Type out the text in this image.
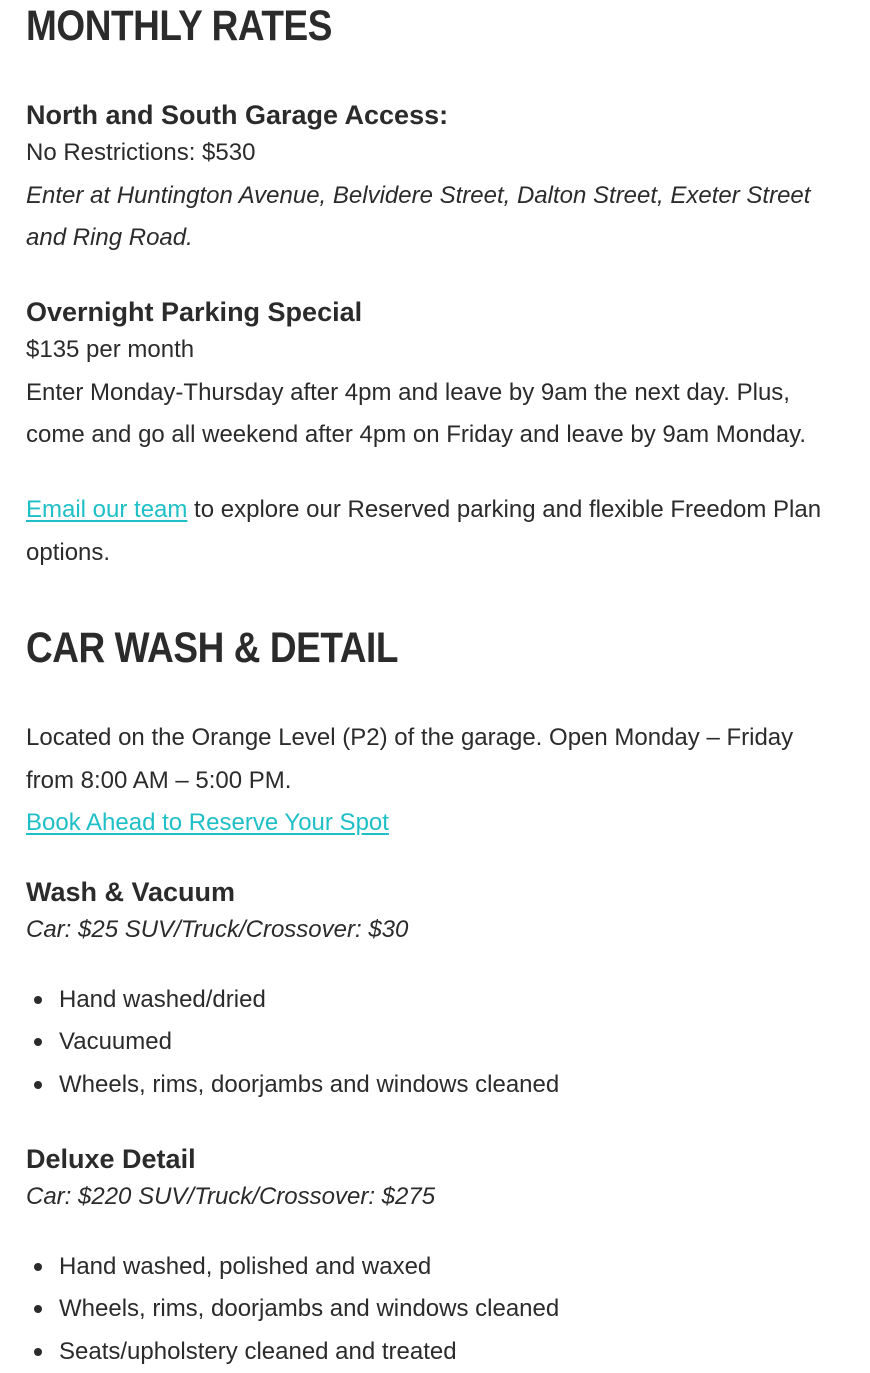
MONTHLY RATES
North and South Garage Access:

No Restrictions: $530

Enter at Huntington Avenue, Belvidere Street, Dalton Street, Exeter Street and Ring Road.

Overnight Parking Special

$135 per month

Enter Monday-Thursday after 4pm and leave by 9am the next day. Plus, come and go all weekend after 4pm on Friday and leave by 9am Monday.

Email our team to explore our Reserved parking and flexible Freedom Plan options.

CAR WASH & DETAIL

Located on the Orange Level (P2) of the garage. Open Monday – Friday from 8:00 AM – 5:00 PM.

Book Ahead to Reserve Your Spot

Wash & Vacuum

Car: $25 SUV/Truck/Crossover: $30

Hand washed/dried
Vacuumed
Wheels, rims, doorjambs and windows cleaned
Deluxe Detail

Car: $220 SUV/Truck/Crossover: $275

Hand washed, polished and waxed
Wheels, rims, doorjambs and windows cleaned
Seats/upholstery cleaned and treated
